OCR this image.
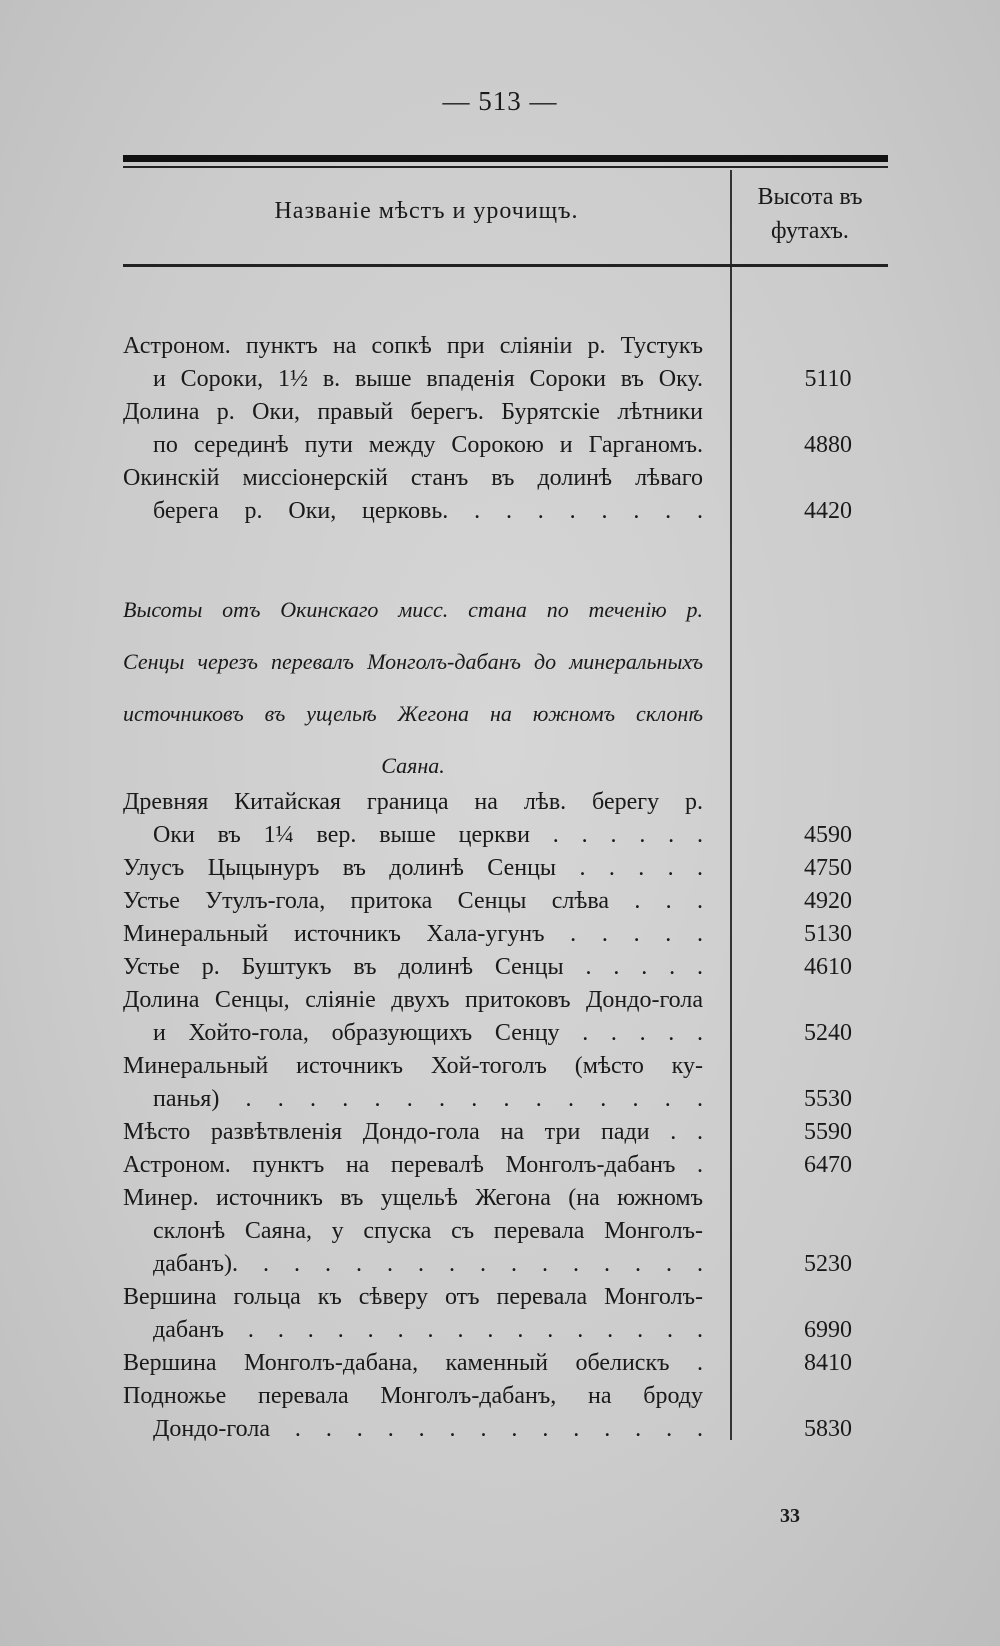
— 513 —
Названіе мѣстъ и урочищъ.
Высота въ
футахъ.
Астроном. пунктъ на сопкѣ при сліяніи р. Тустукъ
и Сороки, 1½ в. выше впаденія Сороки въ Оку.	5110
Долина р. Оки, правый берегъ. Бурятскіе лѣтники
по серединѣ пути между Сорокою и Гарганомъ.	4880
Окинскій миссіонерскій станъ въ долинѣ лѣваго
берега р. Оки, церковь. . . . . . . . .	4420
Высоты отъ Окинскаго мисс. стана по теченію р.
Сенцы черезъ перевалъ Монголъ-дабанъ до минеральныхъ
источниковъ въ ущельѣ Жегона на южномъ склонѣ
Саяна.
Древняя Китайская граница на лѣв. берегу р.
Оки въ 1¼ вер. выше церкви . . . . . .	4590
Улусъ Цыцынуръ въ долинѣ Сенцы . . . . .	4750
Устье Утулъ-гола, притока Сенцы слѣва . . .	4920
Минеральный источникъ Хала-угунъ . . . . .	5130
Устье р. Буштукъ въ долинѣ Сенцы . . . . .	4610
Долина Сенцы, сліяніе двухъ притоковъ Дондо-гола
и Хойто-гола, образующихъ Сенцу . . . . .	5240
Минеральный источникъ Хой-тоголъ (мѣсто ку-
панья) . . . . . . . . . . . . . . .	5530
Мѣсто развѣтвленія Дондо-гола на три пади . .	5590
Астроном. пунктъ на перевалѣ Монголъ-дабанъ .	6470
Минер. источникъ въ ущельѣ Жегона (на южномъ
склонѣ Саяна, у спуска съ перевала Монголъ-
дабанъ). . . . . . . . . . . . . . . .	5230
Вершина гольца къ сѣверу отъ перевала Монголъ-
дабанъ . . . . . . . . . . . . . . . .	6990
Вершина Монголъ-дабана, каменный обелискъ .	8410
Подножье перевала Монголъ-дабанъ, на броду
Дондо-гола . . . . . . . . . . . . . .	5830
33
